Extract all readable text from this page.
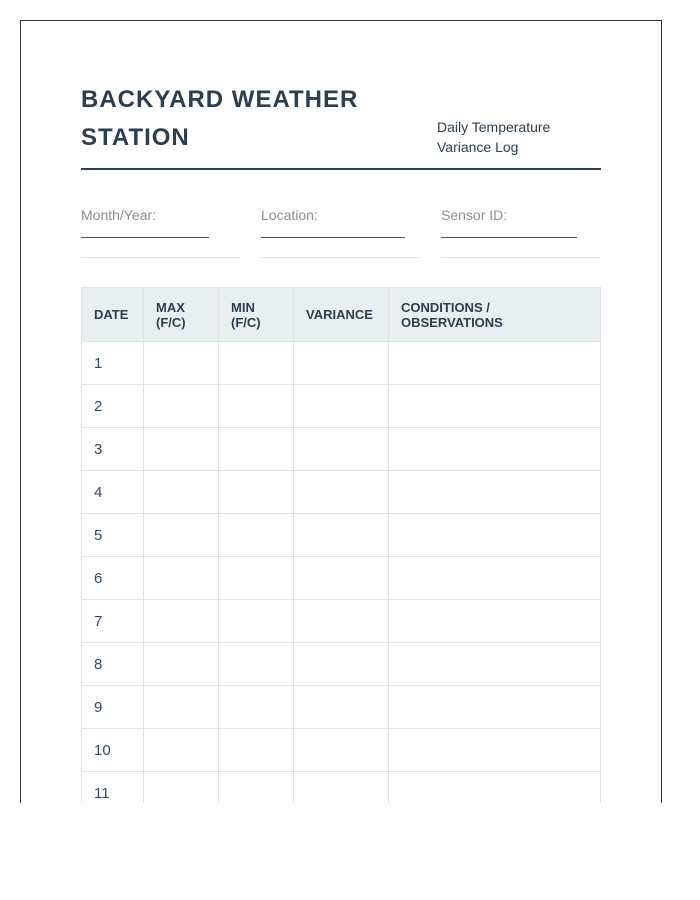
BACKYARD WEATHER STATION	Daily Temperature Variance Log
Month/Year:	Location:	Sensor ID:
DATE	MAX (F/C)	MIN (F/C)	VARIANCE	CONDITIONS / OBSERVATIONS
1				
2				
3				
4				
5				
6				
7				
8				
9				
10				
11				
